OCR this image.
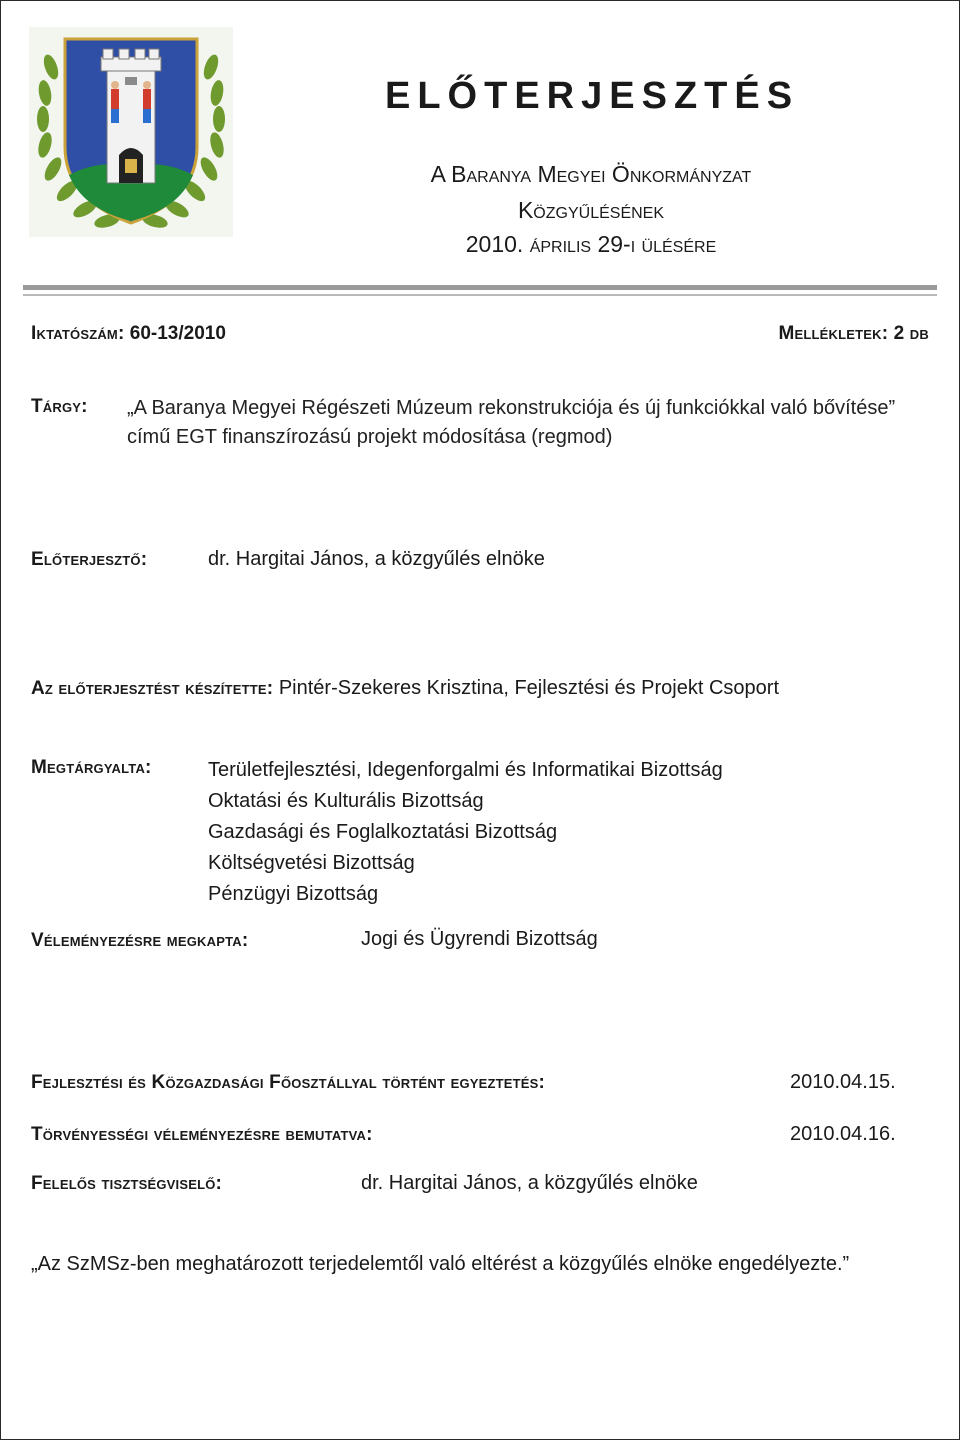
ELŐTERJESZTÉS
A Baranya Megyei Önkormányzat
Közgyűlésének
2010. április 29-i ülésére
Iktatószám: 60-13/2010	Mellékletek: 2 db
Tárgy: „A Baranya Megyei Régészeti Múzeum rekonstrukciója és új funkciókkal való bővítése” című EGT finanszírozású projekt módosítása (regmod)
Előterjesztő:	dr. Hargitai János, a közgyűlés elnöke
Az előterjesztést készítette: Pintér-Szekeres Krisztina, Fejlesztési és Projekt Csoport
Megtárgyalta:	Területfejlesztési, Idegenforgalmi és Informatikai Bizottság
Oktatási és Kulturális Bizottság
Gazdasági és Foglalkoztatási Bizottság
Költségvetési Bizottság
Pénzügyi Bizottság
Véleményezésre megkapta:	Jogi és Ügyrendi Bizottság
Fejlesztési és Közgazdasági Főosztállyal történt egyeztetés:	2010.04.15.
Törvényességi véleményezésre bemutatva:	2010.04.16.
Felelős tisztségviselő:	dr. Hargitai János, a közgyűlés elnöke
„Az SzMSz-ben meghatározott terjedelemtől való eltérést a közgyűlés elnöke engedélyezte.”
